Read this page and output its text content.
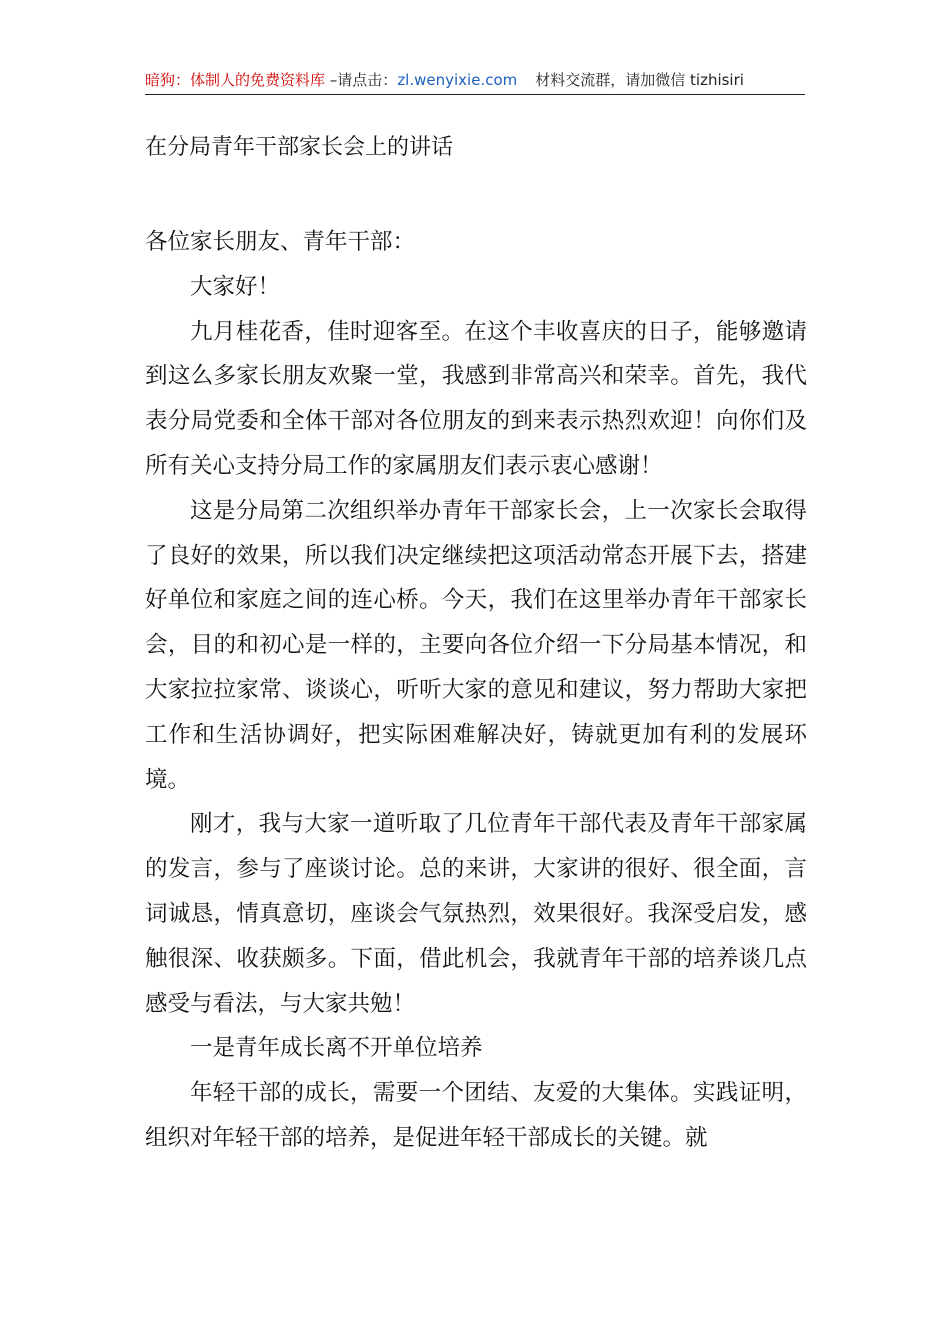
暗狗：体制人的免费资料库 –请点击：zl.wenyixie.com 材料交流群，请加微信 tizhisiri
在分局青年干部家长会上的讲话

各位家长朋友、青年干部：

大家好！

九月桂花香，佳时迎客至。在这个丰收喜庆的日子，能够邀请到这么多家长朋友欢聚一堂，我感到非常高兴和荣幸。首先，我代表分局党委和全体干部对各位朋友的到来表示热烈欢迎！向你们及所有关心支持分局工作的家属朋友们表示衷心感谢！

这是分局第二次组织举办青年干部家长会，上一次家长会取得了良好的效果，所以我们决定继续把这项活动常态开展下去，搭建好单位和家庭之间的连心桥。今天，我们在这里举办青年干部家长会，目的和初心是一样的，主要向各位介绍一下分局基本情况，和大家拉拉家常、谈谈心，听听大家的意见和建议，努力帮助大家把工作和生活协调好，把实际困难解决好，铸就更加有利的发展环境。

刚才，我与大家一道听取了几位青年干部代表及青年干部家属的发言，参与了座谈讨论。总的来讲，大家讲的很好、很全面，言词诚恳，情真意切，座谈会气氛热烈，效果很好。我深受启发，感触很深、收获颇多。下面，借此机会，我就青年干部的培养谈几点感受与看法，与大家共勉！

一是青年成长离不开单位培养

年轻干部的成长，需要一个团结、友爱的大集体。实践证明，组织对年轻干部的培养，是促进年轻干部成长的关键。就
